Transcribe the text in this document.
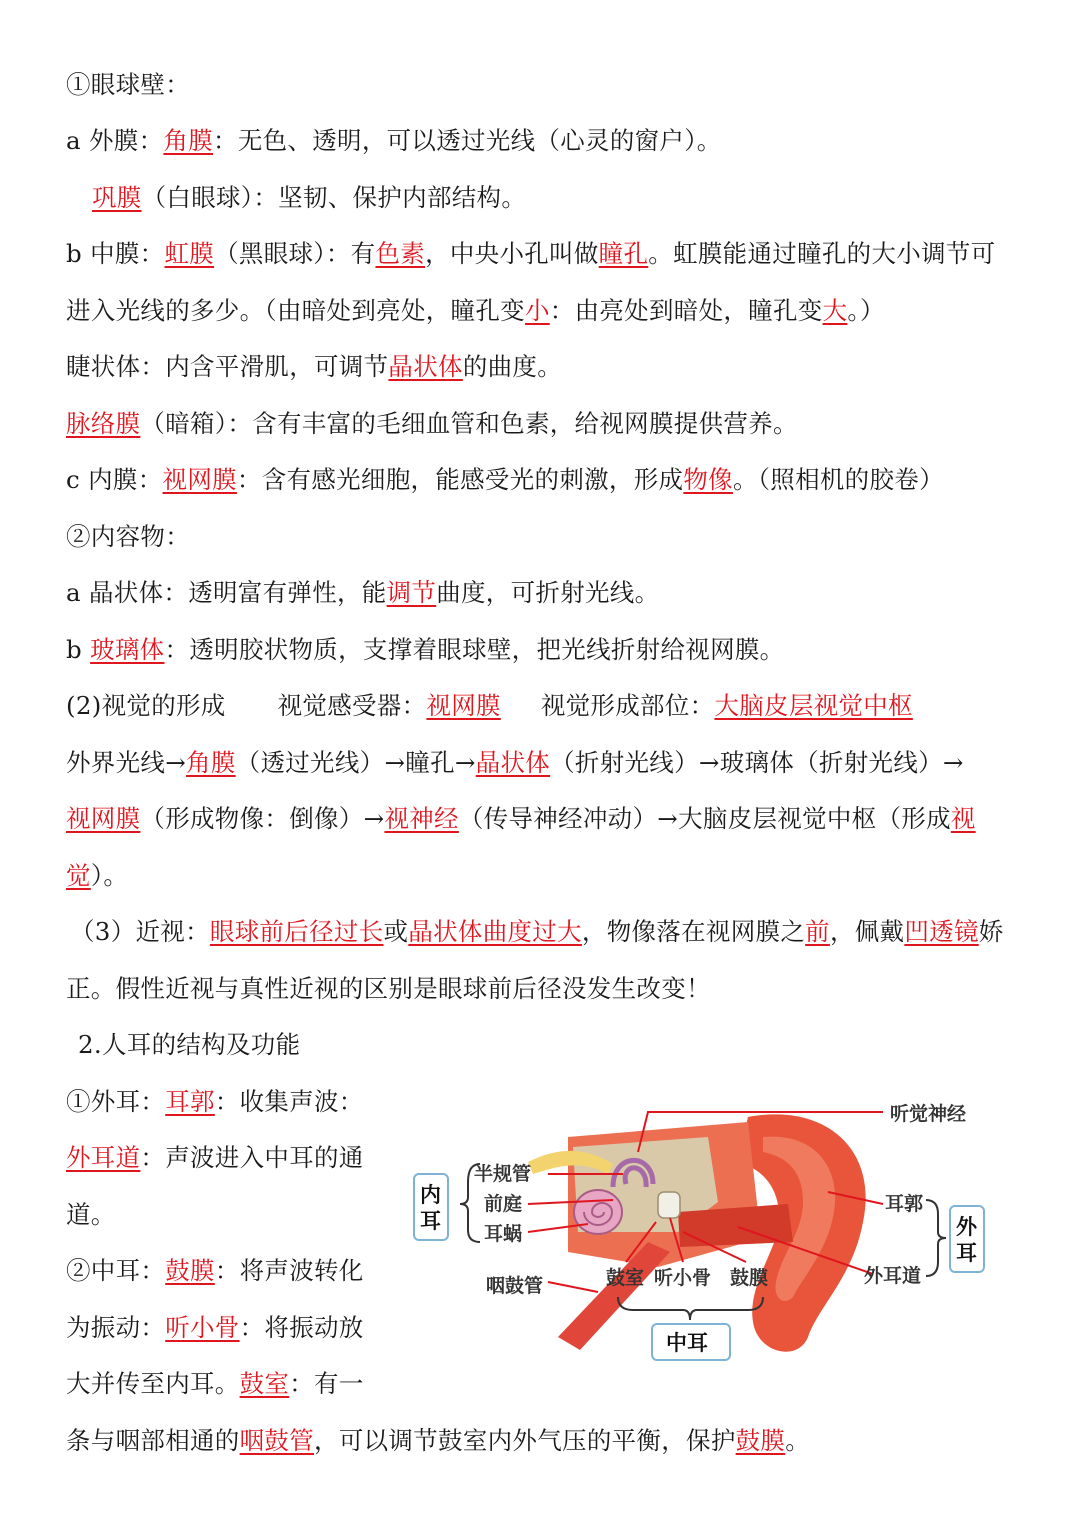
①眼球壁：
a 外膜：角膜：无色、透明，可以透过光线（心灵的窗户）。
巩膜（白眼球）：坚韧、保护内部结构。
b 中膜：虹膜（黑眼球）：有色素，中央小孔叫做瞳孔。虹膜能通过瞳孔的大小调节可
进入光线的多少。（由暗处到亮处，瞳孔变小：由亮处到暗处，瞳孔变大。）
睫状体：内含平滑肌，可调节晶状体的曲度。
脉络膜（暗箱）：含有丰富的毛细血管和色素，给视网膜提供营养。
c 内膜：视网膜：含有感光细胞，能感受光的刺激，形成物像。（照相机的胶卷）
②内容物：
a 晶状体：透明富有弹性，能调节曲度，可折射光线。
b 玻璃体：透明胶状物质，支撑着眼球壁，把光线折射给视网膜。
(2)视觉的形成 视觉感受器：视网膜 视觉形成部位：大脑皮层视觉中枢
外界光线→角膜（透过光线）→瞳孔→晶状体（折射光线）→玻璃体（折射光线）→
视网膜（形成物像：倒像）→视神经（传导神经冲动）→大脑皮层视觉中枢（形成视
觉）。
（3）近视：眼球前后径过长或晶状体曲度过大，物像落在视网膜之前，佩戴凹透镜娇
正。假性近视与真性近视的区别是眼球前后径没发生改变！
2.人耳的结构及功能
①外耳：耳郭：收集声波：
外耳道：声波进入中耳的通
道。
②中耳：鼓膜：将声波转化
为振动：听小骨：将振动放
大并传至内耳。鼓室：有一
条与咽部相通的咽鼓管，可以调节鼓室内外气压的平衡，保护鼓膜。
听觉神经
半规管
前庭
耳蜗
咽鼓管	鼓室 听小骨 鼓膜
耳郭
外耳道
内耳	外耳
中耳
